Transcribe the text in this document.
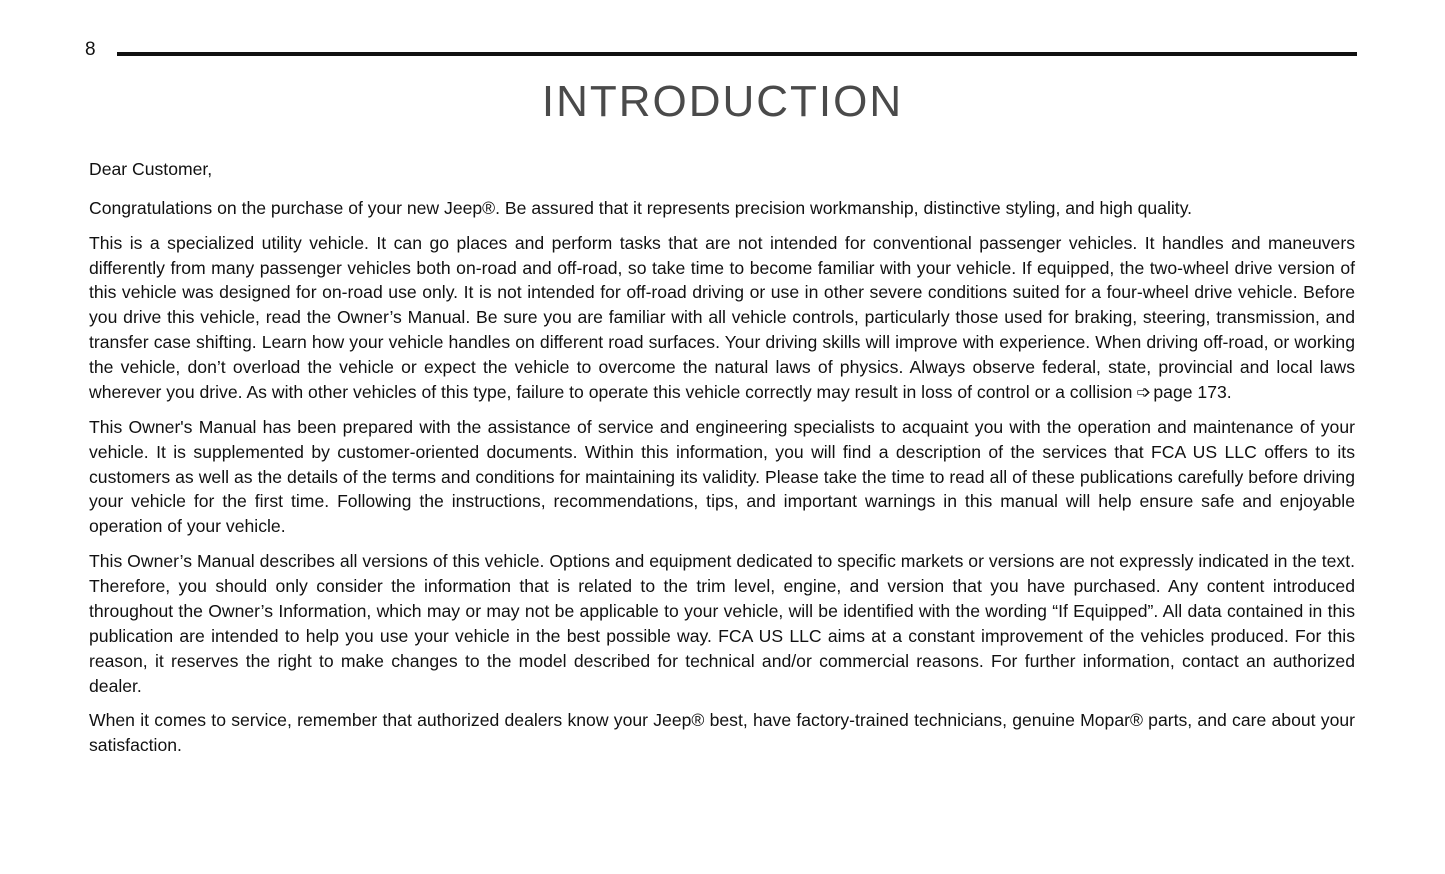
8
INTRODUCTION

Dear Customer,

Congratulations on the purchase of your new Jeep®. Be assured that it represents precision workmanship, distinctive styling, and high quality.

This is a specialized utility vehicle. It can go places and perform tasks that are not intended for conventional passenger vehicles. It handles and maneuvers differently from many passenger vehicles both on-road and off-road, so take time to become familiar with your vehicle. If equipped, the two-wheel drive version of this vehicle was designed for on-road use only. It is not intended for off-road driving or use in other severe conditions suited for a four-wheel drive vehicle. Before you drive this vehicle, read the Owner’s Manual. Be sure you are familiar with all vehicle controls, particularly those used for braking, steering, transmission, and transfer case shifting. Learn how your vehicle handles on different road surfaces. Your driving skills will improve with experience. When driving off-road, or working the vehicle, don’t overload the vehicle or expect the vehicle to overcome the natural laws of physics. Always observe federal, state, provincial and local laws wherever you drive. As with other vehicles of this type, failure to operate this vehicle correctly may result in loss of control or a collision ➩ page 173.

This Owner's Manual has been prepared with the assistance of service and engineering specialists to acquaint you with the operation and maintenance of your vehicle. It is supplemented by customer-oriented documents. Within this information, you will find a description of the services that FCA US LLC offers to its customers as well as the details of the terms and conditions for maintaining its validity. Please take the time to read all of these publications carefully before driving your vehicle for the first time. Following the instructions, recommendations, tips, and important warnings in this manual will help ensure safe and enjoyable operation of your vehicle.

This Owner’s Manual describes all versions of this vehicle. Options and equipment dedicated to specific markets or versions are not expressly indicated in the text. Therefore, you should only consider the information that is related to the trim level, engine, and version that you have purchased. Any content introduced throughout the Owner’s Information, which may or may not be applicable to your vehicle, will be identified with the wording “If Equipped”. All data contained in this publication are intended to help you use your vehicle in the best possible way. FCA US LLC aims at a constant improvement of the vehicles produced. For this reason, it reserves the right to make changes to the model described for technical and/or commercial reasons. For further information, contact an authorized dealer.

When it comes to service, remember that authorized dealers know your Jeep® best, have factory-trained technicians, genuine Mopar® parts, and care about your satisfaction.
